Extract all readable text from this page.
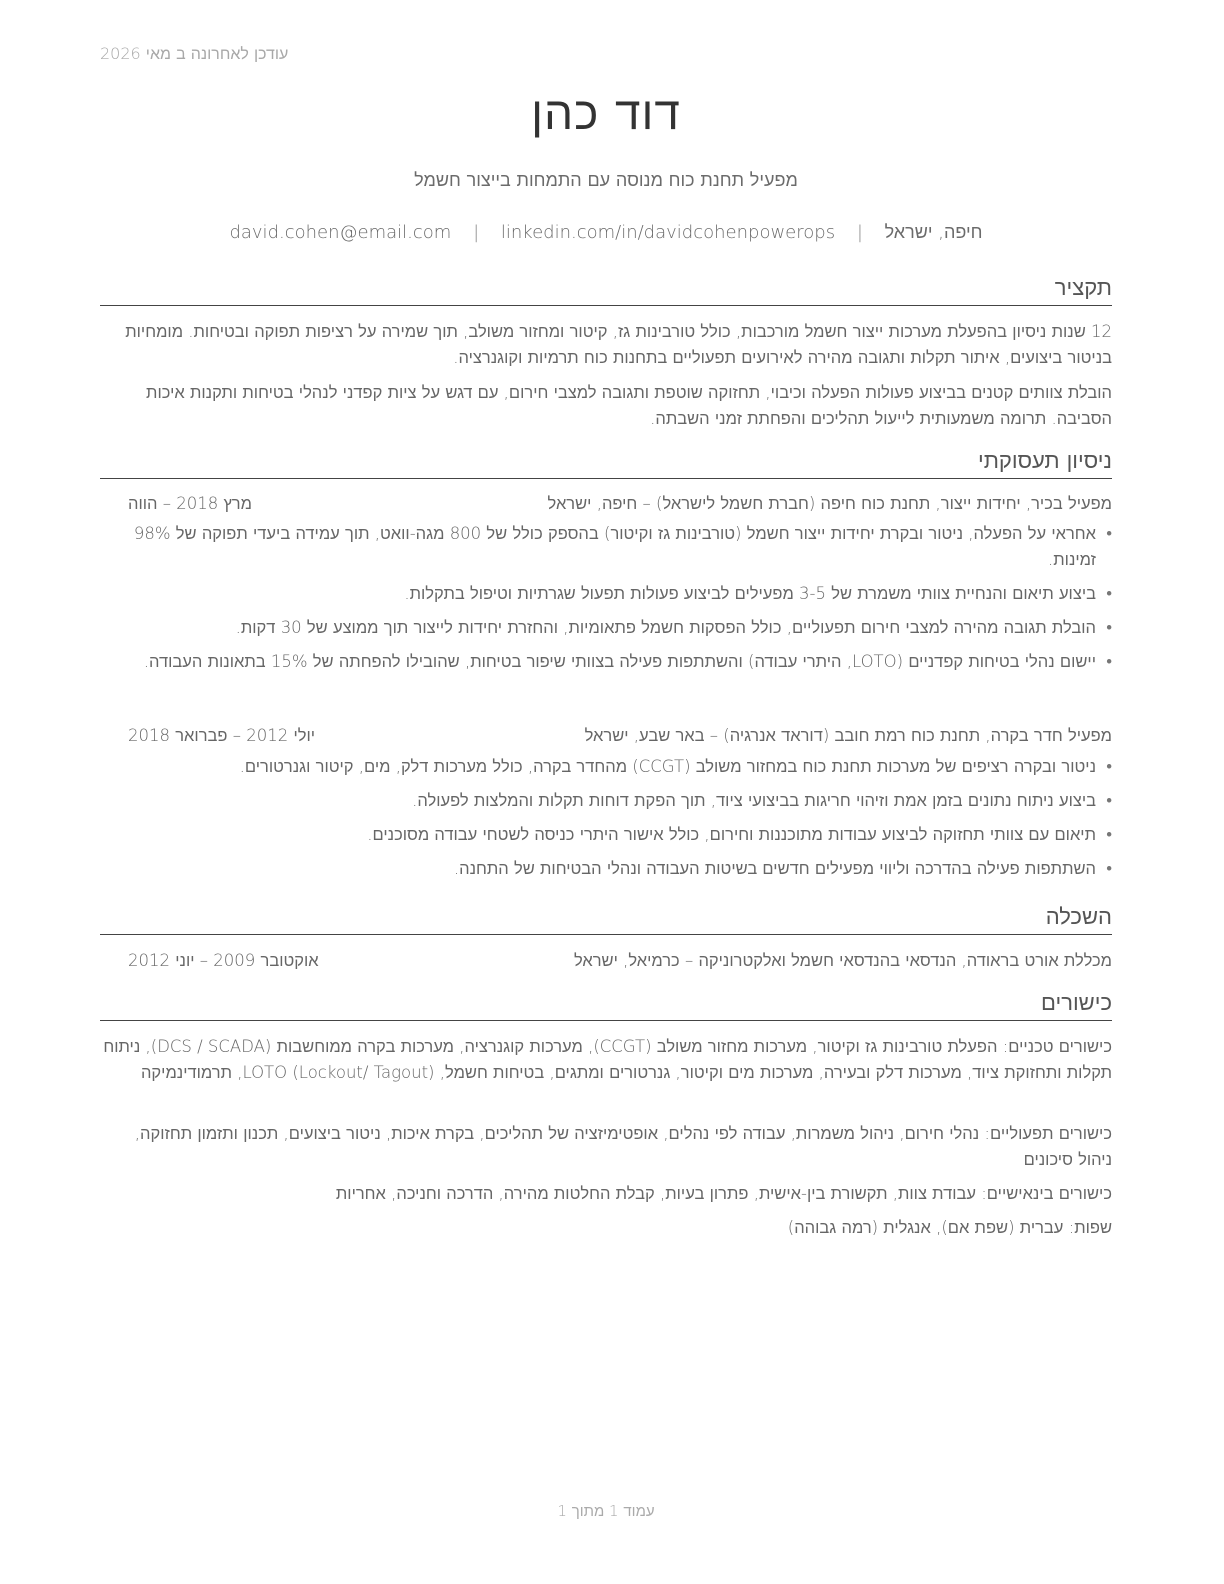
עודכן לאחרונה ב מאי 2026
דוד כהן
מפעיל תחנת כוח מנוסה עם התמחות בייצור חשמל
חיפה, ישראל | david.cohen@email.com | linkedin.com/in/davidcohenpowerops
תקציר
12 שנות ניסיון בהפעלת מערכות ייצור חשמל מורכבות, כולל טורבינות גז, קיטור ומחזור משולב, תוך שמירה על רציפות תפוקה ובטיחות. מומחיות בניטור ביצועים, איתור תקלות ותגובה מהירה לאירועים תפעוליים בתחנות כוח תרמיות וקוגנרציה.
הובלת צוותים קטנים בביצוע פעולות הפעלה וכיבוי, תחזוקה שוטפת ותגובה למצבי חירום, עם דגש על ציות קפדני לנהלי בטיחות ותקנות איכות הסביבה. תרומה משמעותית לייעול תהליכים והפחתת זמני השבתה.
ניסיון תעסוקתי
מפעיל בכיר, יחידות ייצור, תחנת כוח חיפה (חברת חשמל לישראל) – חיפה, ישראל
מרץ 2018 – הווה
• אחראי על הפעלה, ניטור ובקרת יחידות ייצור חשמל (טורבינות גז וקיטור) בהספק כולל של 800 מגה-וואט, תוך עמידה ביעדי תפוקה של 98% זמינות.
• ביצוע תיאום והנחיית צוותי משמרת של 3-5 מפעילים לביצוע פעולות תפעול שגרתיות וטיפול בתקלות.
• הובלת תגובה מהירה למצבי חירום תפעוליים, כולל הפסקות חשמל פתאומיות, והחזרת יחידות לייצור תוך ממוצע של 30 דקות.
• יישום נהלי בטיחות קפדניים (LOTO, היתרי עבודה) והשתתפות פעילה בצוותי שיפור בטיחות, שהובילו להפחתה של 15% בתאונות העבודה.
מפעיל חדר בקרה, תחנת כוח רמת חובב (דוראד אנרגיה) – באר שבע, ישראל
יולי 2012 – פברואר 2018
• ניטור ובקרה רציפים של מערכות תחנת כוח במחזור משולב (CCGT) מהחדר בקרה, כולל מערכות דלק, מים, קיטור וגנרטורים.
• ביצוע ניתוח נתונים בזמן אמת וזיהוי חריגות בביצועי ציוד, תוך הפקת דוחות תקלות והמלצות לפעולה.
• תיאום עם צוותי תחזוקה לביצוע עבודות מתוכננות וחירום, כולל אישור היתרי כניסה לשטחי עבודה מסוכנים.
• השתתפות פעילה בהדרכה וליווי מפעילים חדשים בשיטות העבודה ונהלי הבטיחות של התחנה.
השכלה
מכללת אורט בראודה, הנדסאי בהנדסאי חשמל ואלקטרוניקה – כרמיאל, ישראל
אוקטובר 2009 – יוני 2012
כישורים
כישורים טכניים: הפעלת טורבינות גז וקיטור, מערכות מחזור משולב (CCGT), מערכות קוגנרציה, מערכות בקרה ממוחשבות (DCS / SCADA), ניתוח תקלות ותחזוקת ציוד, מערכות דלק ובעירה, מערכות מים וקיטור, גנרטורים ומתגים, בטיחות חשמל, LOTO (Lockout/ Tagout), תרמודינמיקה
כישורים תפעוליים: נהלי חירום, ניהול משמרות, עבודה לפי נהלים, אופטימיזציה של תהליכים, בקרת איכות, ניטור ביצועים, תכנון ותזמון תחזוקה, ניהול סיכונים
כישורים בינאישיים: עבודת צוות, תקשורת בין-אישית, פתרון בעיות, קבלת החלטות מהירה, הדרכה וחניכה, אחריות
שפות: עברית (שפת אם), אנגלית (רמה גבוהה)
עמוד 1 מתוך 1
